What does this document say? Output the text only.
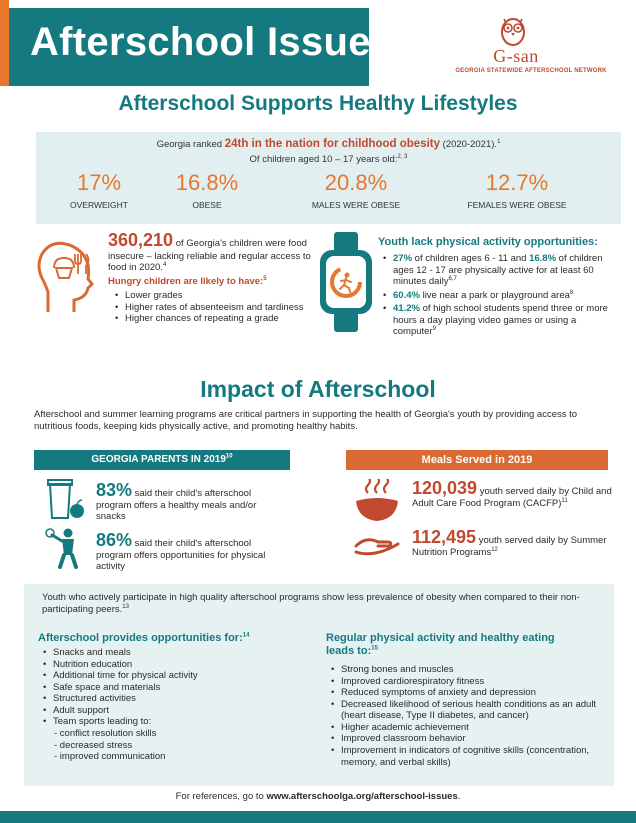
Afterschool Issues	G-san
GEORGIA STATEWIDE AFTERSCHOOL NETWORK
Afterschool Supports Healthy Lifestyles
Georgia ranked 24th in the nation for childhood obesity (2020-2021).$^1$
Of children aged 10 – 17 years old:$^{2, 3}$
17%
OVERWEIGHT
16.8%
OBESE
20.8%
MALES WERE OBESE
12.7%
FEMALES WERE OBESE
360,210 of Georgia's children were food insecure – lacking reliable and regular access to food in 2020.$^4$
Hungry children are likely to have:$^5$
• Lower grades
• Higher rates of absenteeism and tardiness
• Higher chances of repeating a grade
Youth lack physical activity opportunities:
• 27% of children ages 6 - 11 and 16.8% of children ages 12 - 17 are physically active for at least 60 minutes daily$^{6,7}$
• 60.4% live near a park or playground area$^8$
• 41.2% of high school students spend three or more hours a day playing video games or using a computer$^9$
Impact of Afterschool
Afterschool and summer learning programs are critical partners in supporting the health of Georgia's youth by providing access to nutritious foods, keeping kids physically active, and promoting healthy habits.
GEORGIA PARENTS IN 2019$^{10}$	Meals Served in 2019
83% said their child's afterschool program offers a healthy meals and/or snacks
86% said their child's afterschool program offers opportunities for physical activity
120,039 youth served daily by Child and Adult Care Food Program (CACFP)$^{11}$
112,495 youth served daily by Summer Nutrition Programs$^{12}$
Youth who actively participate in high quality afterschool programs show less prevalence of obesity when compared to their non-participating peers.$^{13}$
Afterschool provides opportunities for:$^{14}$
• Snacks and meals
• Nutrition education
• Additional time for physical activity
• Safe space and materials
• Structured activities
• Adult support
• Team sports leading to:
- conflict resolution skills
- decreased stress
- improved communication
Regular physical activity and healthy eating leads to:$^{15}$
• Strong bones and muscles
• Improved cardiorespiratory fitness
• Reduced symptoms of anxiety and depression
• Decreased likelihood of serious health conditions as an adult (heart disease, Type II diabetes, and cancer)
• Higher academic achievement
• Improved classroom behavior
• Improvement in indicators of cognitive skills (concentration, memory, and verbal skills)
For references, go to www.afterschoolga.org/afterschool-issues.
